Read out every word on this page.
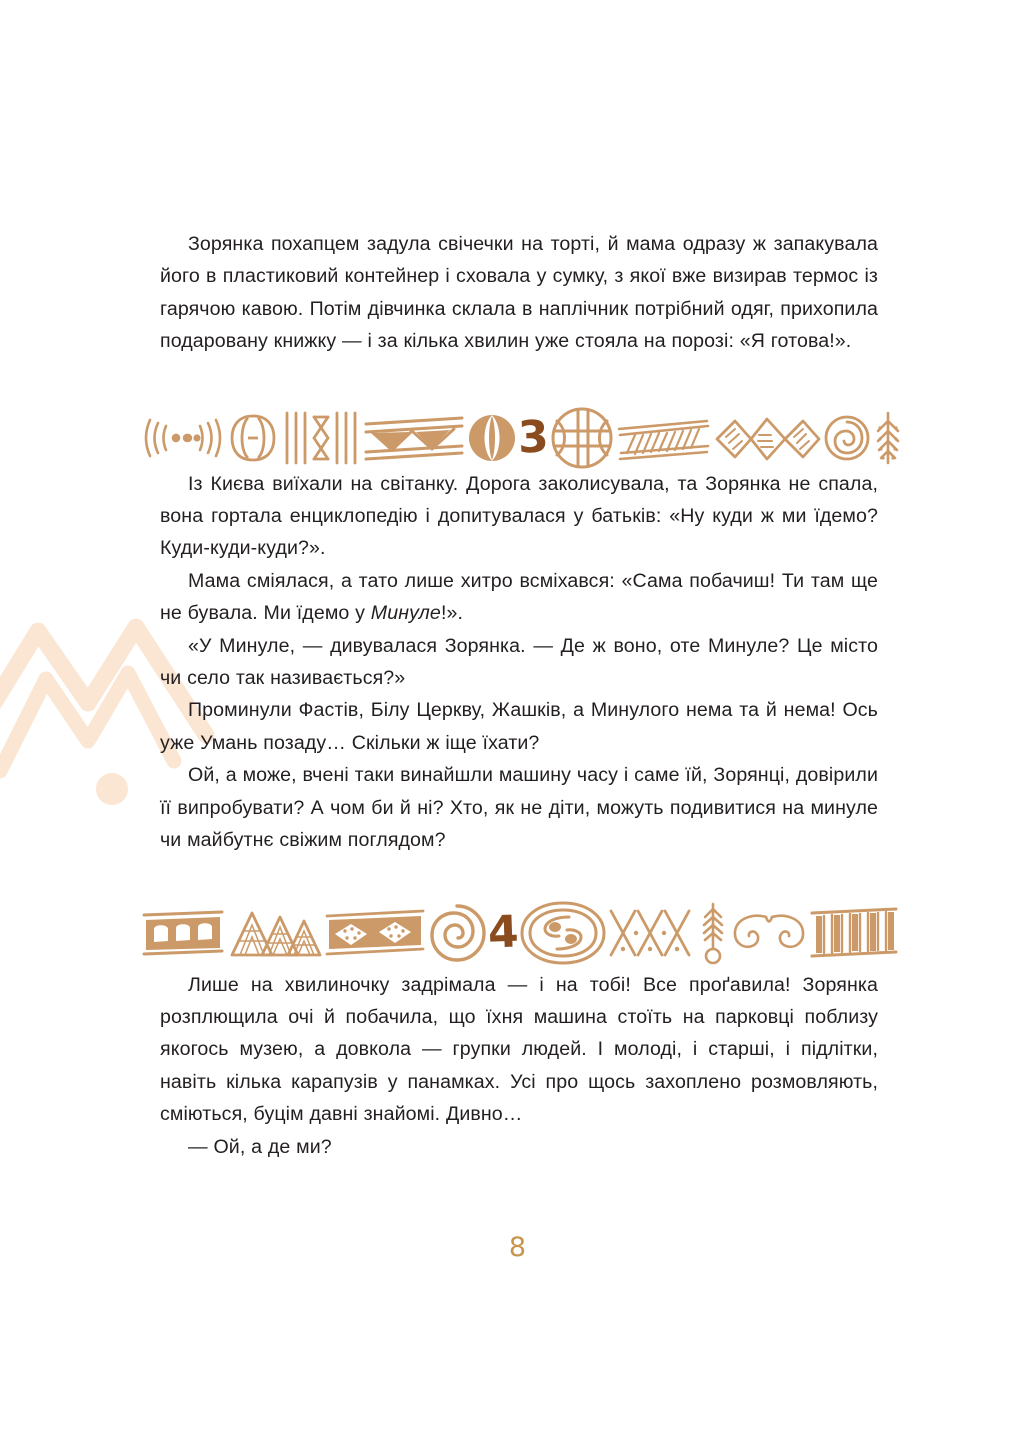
Зорянка похапцем задула свічечки на торті, й мама одразу ж запакувала його в пластиковий контейнер і сховала у сумку, з якої вже визирав термос із гарячою кавою. Потім дівчинка склала в наплічник потрібний одяг, прихопила подаровану книжку — і за кілька хвилин уже стояла на порозі: «Я готова!».

Із Києва виїхали на світанку. Дорога заколисувала, та Зорянка не спала, вона гортала енциклопедію і допитувалася у батьків: «Ну куди ж ми їдемо? Куди-куди-куди?».

Мама сміялася, а тато лише хитро всміхався: «Сама побачиш! Ти там ще не бувала. Ми їдемо у Минуле!».

«У Минуле, — дивувалася Зорянка. — Де ж воно, оте Минуле? Це місто чи село так називається?»

Проминули Фастів, Білу Церкву, Жашків, а Минулого нема та й нема! Ось уже Умань позаду… Скільки ж іще їхати?

Ой, а може, вчені таки винайшли машину часу і саме їй, Зорянці, довірили її випробувати? А чом би й ні? Хто, як не діти, можуть подивитися на минуле чи майбутнє свіжим поглядом?

Лише на хвилиночку задрімала — і на тобі! Все проґавила! Зорянка розплющила очі й побачила, що їхня машина стоїть на парковці поблизу якогось музею, а довкола — групки людей. І молоді, і старші, і підлітки, навіть кілька карапузів у панамках. Усі про щось захоплено розмовляють, сміються, буцім давні знайомі. Дивно…

— Ой, а де ми?

3
4
8
